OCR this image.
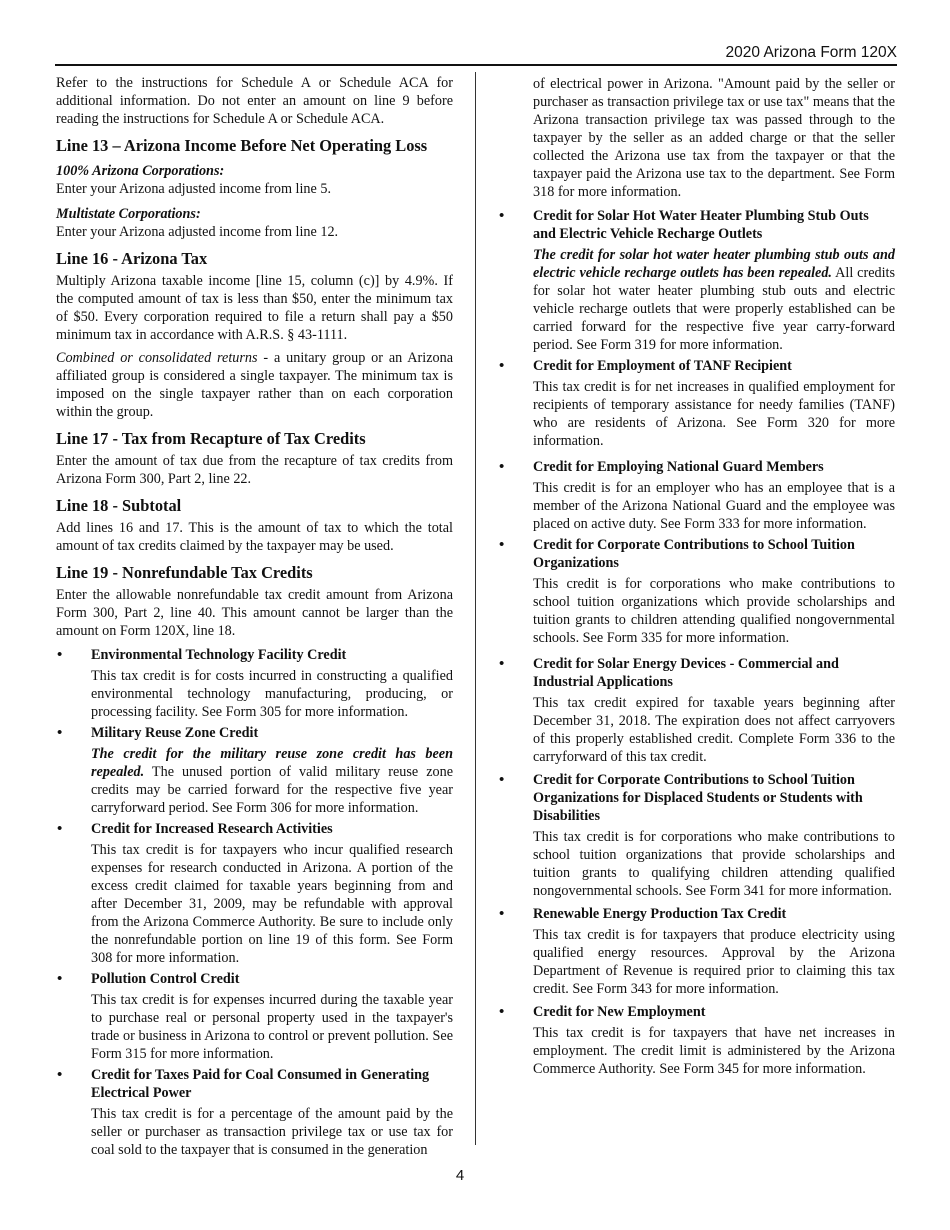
2020 Arizona Form 120X

Refer to the instructions for Schedule A or Schedule ACA for additional information. Do not enter an amount on line 9 before reading the instructions for Schedule A or Schedule ACA.

Line 13 – Arizona Income Before Net Operating Loss

100% Arizona Corporations:

Enter your Arizona adjusted income from line 5.

Multistate Corporations:

Enter your Arizona adjusted income from line 12.

Line 16 - Arizona Tax

Multiply Arizona taxable income [line 15, column (c)] by 4.9%. If the computed amount of tax is less than $50, enter the minimum tax of $50. Every corporation required to file a return shall pay a $50 minimum tax in accordance with A.R.S. § 43-1111.

Combined or consolidated returns - a unitary group or an Arizona affiliated group is considered a single taxpayer. The minimum tax is imposed on the single taxpayer rather than on each corporation within the group.

Line 17 - Tax from Recapture of Tax Credits

Enter the amount of tax due from the recapture of tax credits from Arizona Form 300, Part 2, line 22.

Line 18 - Subtotal

Add lines 16 and 17. This is the amount of tax to which the total amount of tax credits claimed by the taxpayer may be used.

Line 19 - Nonrefundable Tax Credits

Enter the allowable nonrefundable tax credit amount from Arizona Form 300, Part 2, line 40. This amount cannot be larger than the amount on Form 120X, line 18.

• Environmental Technology Facility Credit
This tax credit is for costs incurred in constructing a qualified environmental technology manufacturing, producing, or processing facility. See Form 305 for more information.
• Military Reuse Zone Credit
The credit for the military reuse zone credit has been repealed. The unused portion of valid military reuse zone credits may be carried forward for the respective five year carryforward period. See Form 306 for more information.
• Credit for Increased Research Activities
This tax credit is for taxpayers who incur qualified research expenses for research conducted in Arizona. A portion of the excess credit claimed for taxable years beginning from and after December 31, 2009, may be refundable with approval from the Arizona Commerce Authority. Be sure to include only the nonrefundable portion on line 19 of this form. See Form 308 for more information.
• Pollution Control Credit
This tax credit is for expenses incurred during the taxable year to purchase real or personal property used in the taxpayer's trade or business in Arizona to control or prevent pollution. See Form 315 for more information.
• Credit for Taxes Paid for Coal Consumed in Generating Electrical Power
This tax credit is for a percentage of the amount paid by the seller or purchaser as transaction privilege tax or use tax for coal sold to the taxpayer that is consumed in the generation

of electrical power in Arizona. "Amount paid by the seller or purchaser as transaction privilege tax or use tax" means that the Arizona transaction privilege tax was passed through to the taxpayer by the seller as an added charge or that the seller collected the Arizona use tax from the taxpayer or that the taxpayer paid the Arizona use tax to the department. See Form 318 for more information.

• Credit for Solar Hot Water Heater Plumbing Stub Outs and Electric Vehicle Recharge Outlets
The credit for solar hot water heater plumbing stub outs and electric vehicle recharge outlets has been repealed. All credits for solar hot water heater plumbing stub outs and electric vehicle recharge outlets that were properly established can be carried forward for the respective five year carry-forward period. See Form 319 for more information.
• Credit for Employment of TANF Recipient
This tax credit is for net increases in qualified employment for recipients of temporary assistance for needy families (TANF) who are residents of Arizona. See Form 320 for more information.
• Credit for Employing National Guard Members
This credit is for an employer who has an employee that is a member of the Arizona National Guard and the employee was placed on active duty. See Form 333 for more information.
• Credit for Corporate Contributions to School Tuition Organizations
This credit is for corporations who make contributions to school tuition organizations which provide scholarships and tuition grants to children attending qualified nongovernmental schools. See Form 335 for more information.
• Credit for Solar Energy Devices - Commercial and Industrial Applications
This tax credit expired for taxable years beginning after December 31, 2018. The expiration does not affect carryovers of this properly established credit. Complete Form 336 to the carryforward of this tax credit.
• Credit for Corporate Contributions to School Tuition Organizations for Displaced Students or Students with Disabilities
This tax credit is for corporations who make contributions to school tuition organizations that provide scholarships and tuition grants to qualifying children attending qualified nongovernmental schools. See Form 341 for more information.
• Renewable Energy Production Tax Credit
This tax credit is for taxpayers that produce electricity using qualified energy resources. Approval by the Arizona Department of Revenue is required prior to claiming this tax credit. See Form 343 for more information.
• Credit for New Employment
This tax credit is for taxpayers that have net increases in employment. The credit limit is administered by the Arizona Commerce Authority. See Form 345 for more information.
4
